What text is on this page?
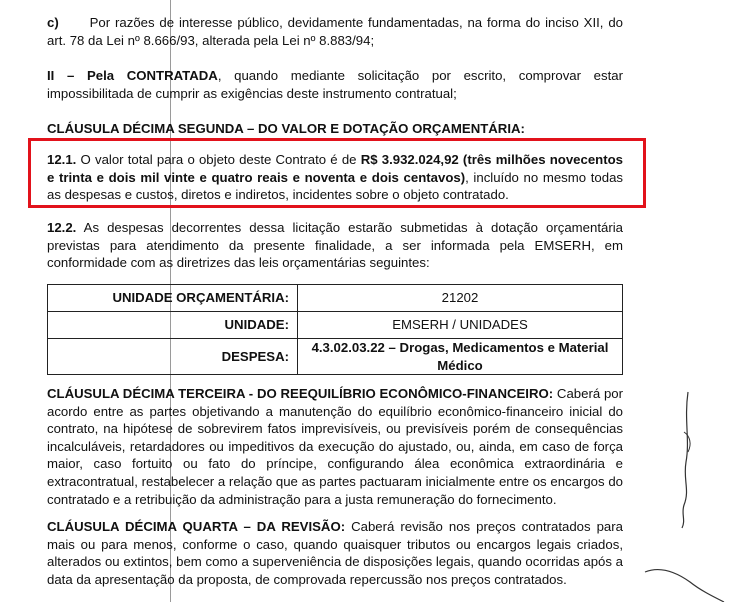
c) Por razões de interesse público, devidamente fundamentadas, na forma do inciso XII, do art. 78 da Lei nº 8.666/93, alterada pela Lei nº 8.883/94;

II – Pela CONTRATADA, quando mediante solicitação por escrito, comprovar estar impossibilitada de cumprir as exigências deste instrumento contratual;

CLÁUSULA DÉCIMA SEGUNDA – DO VALOR E DOTAÇÃO ORÇAMENTÁRIA:

12.1. O valor total para o objeto deste Contrato é de R$ 3.932.024,92 (três milhões novecentos e trinta e dois mil vinte e quatro reais e noventa e dois centavos), incluído no mesmo todas as despesas e custos, diretos e indiretos, incidentes sobre o objeto contratado.

12.2. As despesas decorrentes dessa licitação estarão submetidas à dotação orçamentária previstas para atendimento da presente finalidade, a ser informada pela EMSERH, em conformidade com as diretrizes das leis orçamentárias seguintes:

UNIDADE ORÇAMENTÁRIA:	21202
UNIDADE:	EMSERH / UNIDADES
DESPESA:	4.3.02.03.22 – Drogas, Medicamentos e Material Médico

CLÁUSULA DÉCIMA TERCEIRA - DO REEQUILÍBRIO ECONÔMICO-FINANCEIRO: Caberá por acordo entre as partes objetivando a manutenção do equilíbrio econômico-financeiro inicial do contrato, na hipótese de sobrevirem fatos imprevisíveis, ou previsíveis porém de consequências incalculáveis, retardadores ou impeditivos da execução do ajustado, ou, ainda, em caso de força maior, caso fortuito ou fato do príncipe, configurando álea econômica extraordinária e extracontratual, restabelecer a relação que as partes pactuaram inicialmente entre os encargos do contratado e a retribuição da administração para a justa remuneração do fornecimento.

CLÁUSULA DÉCIMA QUARTA – DA REVISÃO: Caberá revisão nos preços contratados para mais ou para menos, conforme o caso, quando quaisquer tributos ou encargos legais criados, alterados ou extintos, bem como a superveniência de disposições legais, quando ocorridas após a data da apresentação da proposta, de comprovada repercussão nos preços contratados.
